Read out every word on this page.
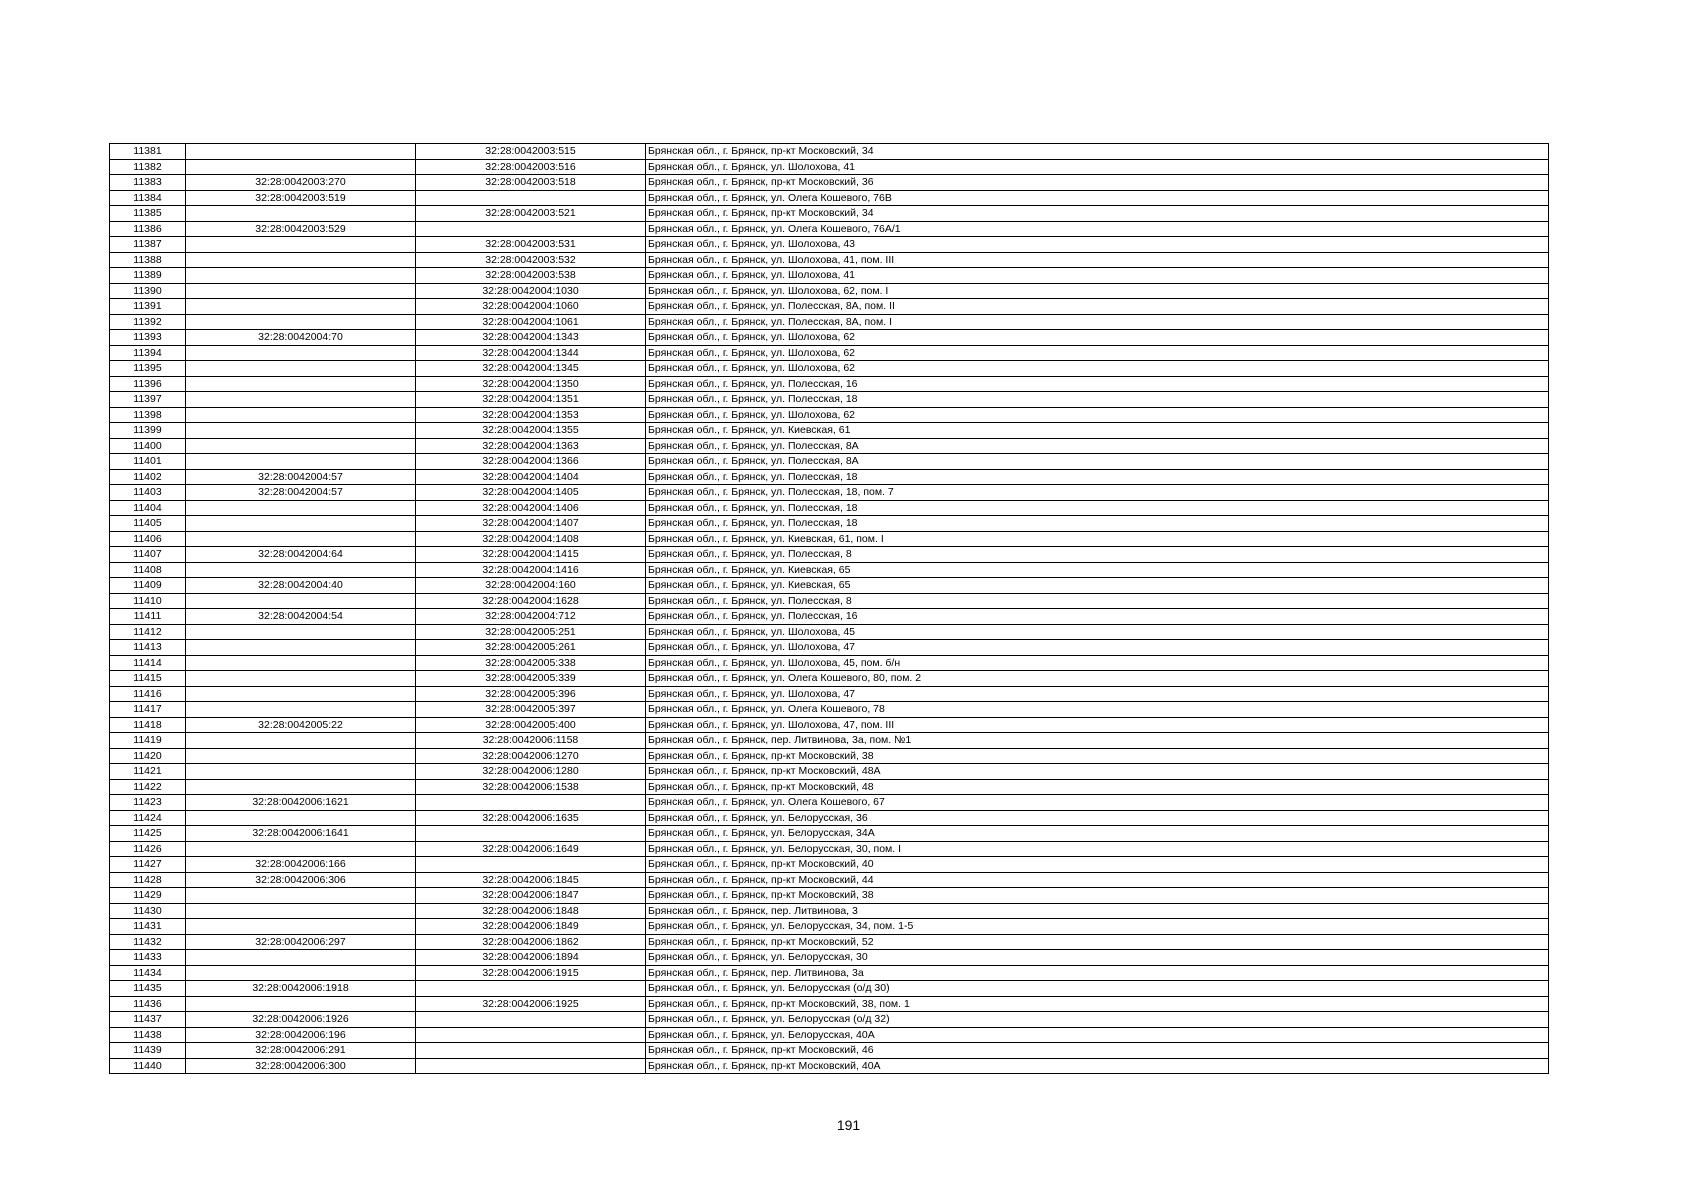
11381		32:28:0042003:515	Брянская обл., г. Брянск, пр-кт Московский, 34
11382		32:28:0042003:516	Брянская обл., г. Брянск, ул. Шолохова, 41
11383	32:28:0042003:270	32:28:0042003:518	Брянская обл., г. Брянск, пр-кт Московский, 36
11384	32:28:0042003:519		Брянская обл., г. Брянск, ул. Олега Кошевого, 76В
11385		32:28:0042003:521	Брянская обл., г. Брянск, пр-кт Московский, 34
11386	32:28:0042003:529		Брянская обл., г. Брянск, ул. Олега Кошевого, 76А/1
11387		32:28:0042003:531	Брянская обл., г. Брянск, ул. Шолохова, 43
11388		32:28:0042003:532	Брянская обл., г. Брянск, ул. Шолохова, 41, пом. III
11389		32:28:0042003:538	Брянская обл., г. Брянск, ул. Шолохова, 41
11390		32:28:0042004:1030	Брянская обл., г. Брянск, ул. Шолохова, 62, пом. I
11391		32:28:0042004:1060	Брянская обл., г. Брянск, ул. Полесская, 8А, пом. II
11392		32:28:0042004:1061	Брянская обл., г. Брянск, ул. Полесская, 8А, пом. I
11393	32:28:0042004:70	32:28:0042004:1343	Брянская обл., г. Брянск, ул. Шолохова, 62
11394		32:28:0042004:1344	Брянская обл., г. Брянск, ул. Шолохова, 62
11395		32:28:0042004:1345	Брянская обл., г. Брянск, ул. Шолохова, 62
11396		32:28:0042004:1350	Брянская обл., г. Брянск, ул. Полесская, 16
11397		32:28:0042004:1351	Брянская обл., г. Брянск, ул. Полесская, 18
11398		32:28:0042004:1353	Брянская обл., г. Брянск, ул. Шолохова, 62
11399		32:28:0042004:1355	Брянская обл., г. Брянск, ул. Киевская, 61
11400		32:28:0042004:1363	Брянская обл., г. Брянск, ул. Полесская, 8А
11401		32:28:0042004:1366	Брянская обл., г. Брянск, ул. Полесская, 8А
11402	32:28:0042004:57	32:28:0042004:1404	Брянская обл., г. Брянск, ул. Полесская, 18
11403	32:28:0042004:57	32:28:0042004:1405	Брянская обл., г. Брянск, ул. Полесская, 18, пом. 7
11404		32:28:0042004:1406	Брянская обл., г. Брянск, ул. Полесская, 18
11405		32:28:0042004:1407	Брянская обл., г. Брянск, ул. Полесская, 18
11406		32:28:0042004:1408	Брянская обл., г. Брянск, ул. Киевская, 61, пом. I
11407	32:28:0042004:64	32:28:0042004:1415	Брянская обл., г. Брянск, ул. Полесская, 8
11408		32:28:0042004:1416	Брянская обл., г. Брянск, ул. Киевская, 65
11409	32:28:0042004:40	32:28:0042004:160	Брянская обл., г. Брянск, ул. Киевская, 65
11410		32:28:0042004:1628	Брянская обл., г. Брянск, ул. Полесская, 8
11411	32:28:0042004:54	32:28:0042004:712	Брянская обл., г. Брянск, ул. Полесская, 16
11412		32:28:0042005:251	Брянская обл., г. Брянск, ул. Шолохова, 45
11413		32:28:0042005:261	Брянская обл., г. Брянск, ул. Шолохова, 47
11414		32:28:0042005:338	Брянская обл., г. Брянск, ул. Шолохова, 45, пом. б/н
11415		32:28:0042005:339	Брянская обл., г. Брянск, ул. Олега Кошевого, 80, пом. 2
11416		32:28:0042005:396	Брянская обл., г. Брянск, ул. Шолохова, 47
11417		32:28:0042005:397	Брянская обл., г. Брянск, ул. Олега Кошевого, 78
11418	32:28:0042005:22	32:28:0042005:400	Брянская обл., г. Брянск, ул. Шолохова, 47, пом. III
11419		32:28:0042006:1158	Брянская обл., г. Брянск, пер. Литвинова, 3а, пом. №1
11420		32:28:0042006:1270	Брянская обл., г. Брянск, пр-кт Московский, 38
11421		32:28:0042006:1280	Брянская обл., г. Брянск, пр-кт Московский, 48А
11422		32:28:0042006:1538	Брянская обл., г. Брянск, пр-кт Московский, 48
11423	32:28:0042006:1621		Брянская обл., г. Брянск, ул. Олега Кошевого, 67
11424		32:28:0042006:1635	Брянская обл., г. Брянск, ул. Белорусская, 36
11425	32:28:0042006:1641		Брянская обл., г. Брянск, ул. Белорусская, 34А
11426		32:28:0042006:1649	Брянская обл., г. Брянск, ул. Белорусская, 30, пом. I
11427	32:28:0042006:166		Брянская обл., г. Брянск, пр-кт Московский, 40
11428	32:28:0042006:306	32:28:0042006:1845	Брянская обл., г. Брянск, пр-кт Московский, 44
11429		32:28:0042006:1847	Брянская обл., г. Брянск, пр-кт Московский, 38
11430		32:28:0042006:1848	Брянская обл., г. Брянск, пер. Литвинова, 3
11431		32:28:0042006:1849	Брянская обл., г. Брянск, ул. Белорусская, 34, пом. 1-5
11432	32:28:0042006:297	32:28:0042006:1862	Брянская обл., г. Брянск, пр-кт Московский, 52
11433		32:28:0042006:1894	Брянская обл., г. Брянск, ул. Белорусская, 30
11434		32:28:0042006:1915	Брянская обл., г. Брянск, пер. Литвинова, 3а
11435	32:28:0042006:1918		Брянская обл., г. Брянск, ул. Белорусская (о/д 30)
11436		32:28:0042006:1925	Брянская обл., г. Брянск, пр-кт Московский, 38, пом. 1
11437	32:28:0042006:1926		Брянская обл., г. Брянск, ул. Белорусская (о/д 32)
11438	32:28:0042006:196		Брянская обл., г. Брянск, ул. Белорусская, 40А
11439	32:28:0042006:291		Брянская обл., г. Брянск, пр-кт Московский, 46
11440	32:28:0042006:300		Брянская обл., г. Брянск, пр-кт Московский, 40А
191
